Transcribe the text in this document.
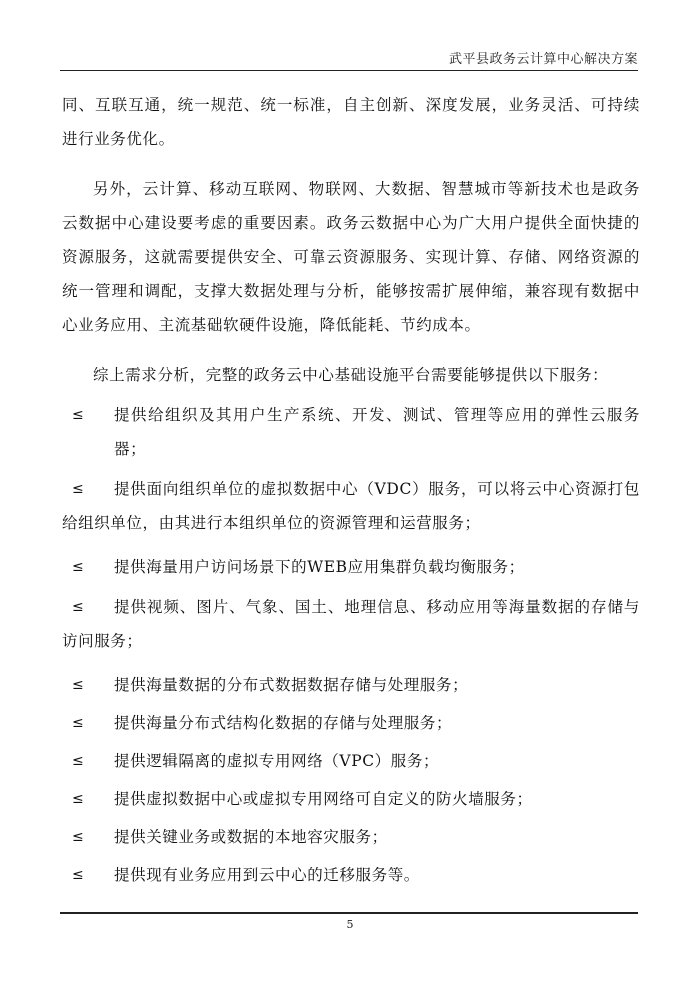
武平县政务云计算中心解决方案

同、互联互通，统一规范、统一标准，自主创新、深度发展，业务灵活、可持续进行业务优化。

另外，云计算、移动互联网、物联网、大数据、智慧城市等新技术也是政务云数据中心建设要考虑的重要因素。政务云数据中心为广大用户提供全面快捷的资源服务，这就需要提供安全、可靠云资源服务、实现计算、存储、网络资源的统一管理和调配，支撑大数据处理与分析，能够按需扩展伸缩，兼容现有数据中心业务应用、主流基础软硬件设施，降低能耗、节约成本。

综上需求分析，完整的政务云中心基础设施平台需要能够提供以下服务：

≤ 提供给组织及其用户生产系统、开发、测试、管理等应用的弹性云服务器；

≤ 提供面向组织单位的虚拟数据中心（VDC）服务，可以将云中心资源打包给组织单位，由其进行本组织单位的资源管理和运营服务；

≤ 提供海量用户访问场景下的WEB应用集群负载均衡服务；

≤ 提供视频、图片、气象、国土、地理信息、移动应用等海量数据的存储与访问服务；

≤ 提供海量数据的分布式数据数据存储与处理服务；

≤ 提供海量分布式结构化数据的存储与处理服务；

≤ 提供逻辑隔离的虚拟专用网络（VPC）服务；

≤ 提供虚拟数据中心或虚拟专用网络可自定义的防火墙服务；

≤ 提供关键业务或数据的本地容灾服务；

≤ 提供现有业务应用到云中心的迁移服务等。

5
